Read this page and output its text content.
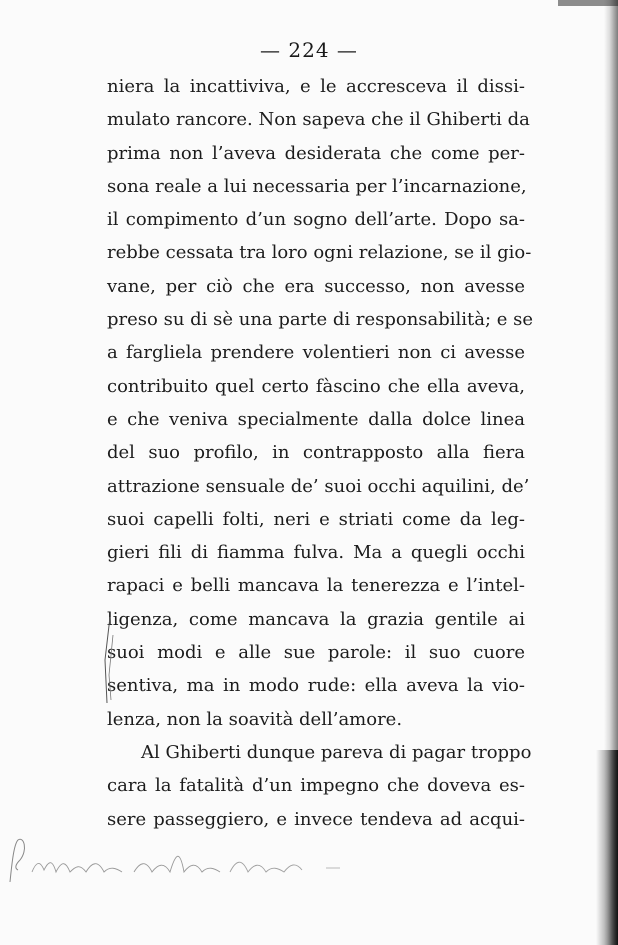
— 224 —
niera la incattiviva, e le accresceva il dissi-
mulato rancore. Non sapeva che il Ghiberti da
prima non l’aveva desiderata che come per-
sona reale a lui necessaria per l’incarnazione,
il compimento d’un sogno dell’arte. Dopo sa-
rebbe cessata tra loro ogni relazione, se il gio-
vane, per ciò che era successo, non avesse
preso su di sè una parte di responsabilità; e se
a fargliela prendere volentieri non ci avesse
contribuito quel certo fàscino che ella aveva,
e che veniva specialmente dalla dolce linea
del suo profilo, in contrapposto alla fiera
attrazione sensuale de’ suoi occhi aquilini, de’
suoi capelli folti, neri e striati come da leg-
gieri fili di fiamma fulva. Ma a quegli occhi
rapaci e belli mancava la tenerezza e l’intel-
ligenza, come mancava la grazia gentile ai
suoi modi e alle sue parole: il suo cuore
sentiva, ma in modo rude: ella aveva la vio-
lenza, non la soavità dell’amore.
Al Ghiberti dunque pareva di pagar troppo
cara la fatalità d’un impegno che doveva es-
sere passeggiero, e invece tendeva ad acqui-
